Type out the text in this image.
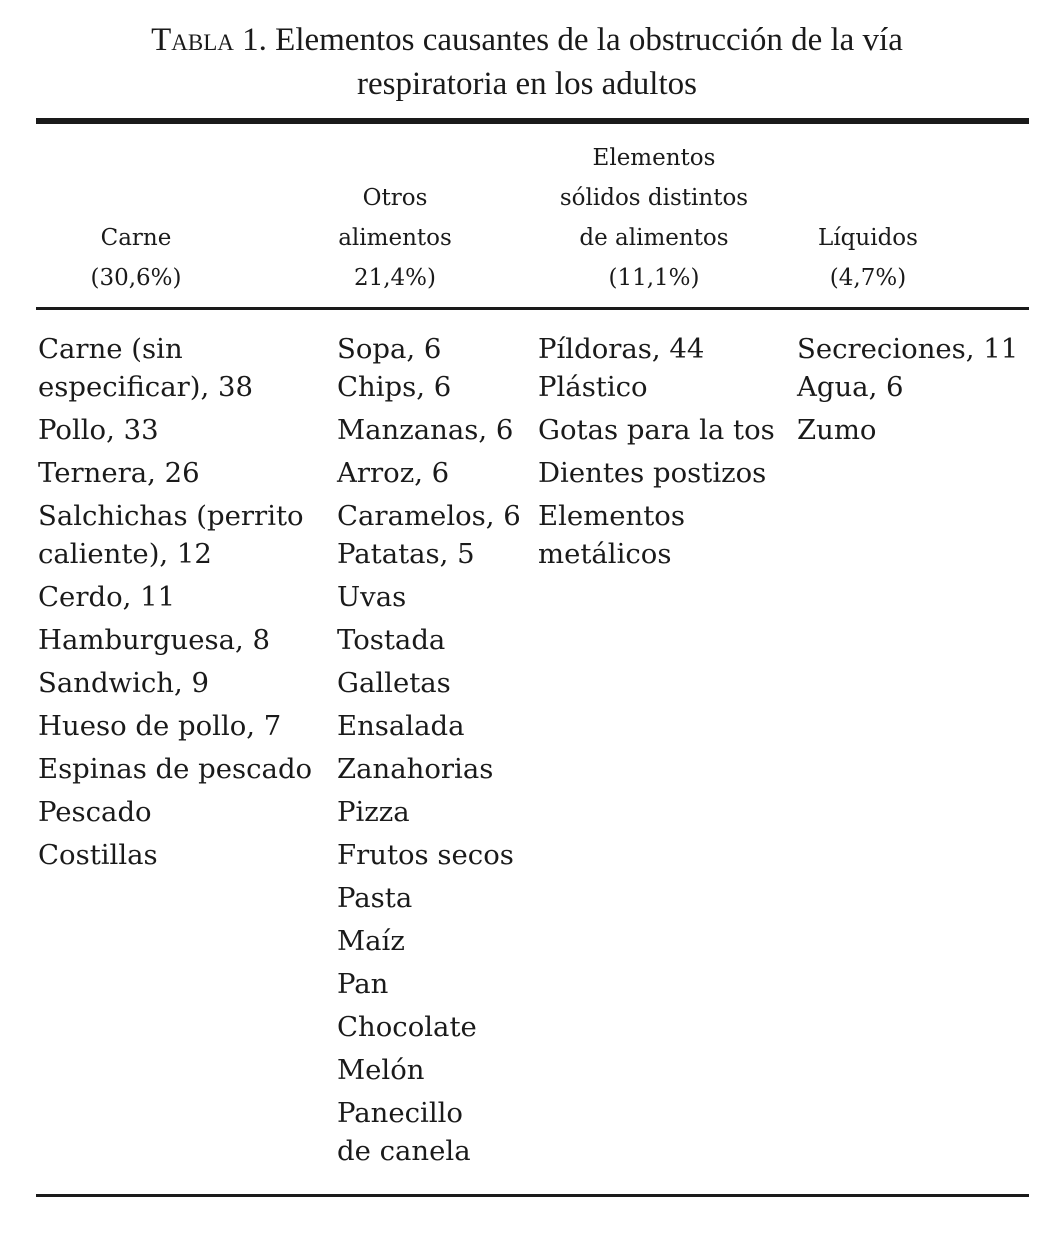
Tabla 1. Elementos causantes de la obstrucción de la vía
respiratoria en los adultos
Carne
(30,6%)
Otros
alimentos
21,4%)
Elementos
sólidos distintos
de alimentos
(11,1%)
Líquidos
(4,7%)
Carne (sin
especificar), 38
Pollo, 33
Ternera, 26
Salchichas (perrito
caliente), 12
Cerdo, 11
Hamburguesa, 8
Sandwich, 9
Hueso de pollo, 7
Espinas de pescado
Pescado
Costillas
Sopa, 6
Chips, 6
Manzanas, 6
Arroz, 6
Caramelos, 6
Patatas, 5
Uvas
Tostada
Galletas
Ensalada
Zanahorias
Pizza
Frutos secos
Pasta
Maíz
Pan
Chocolate
Melón
Panecillo
de canela
Píldoras, 44
Plástico
Gotas para la tos
Dientes postizos
Elementos
metálicos
Secreciones, 11
Agua, 6
Zumo
